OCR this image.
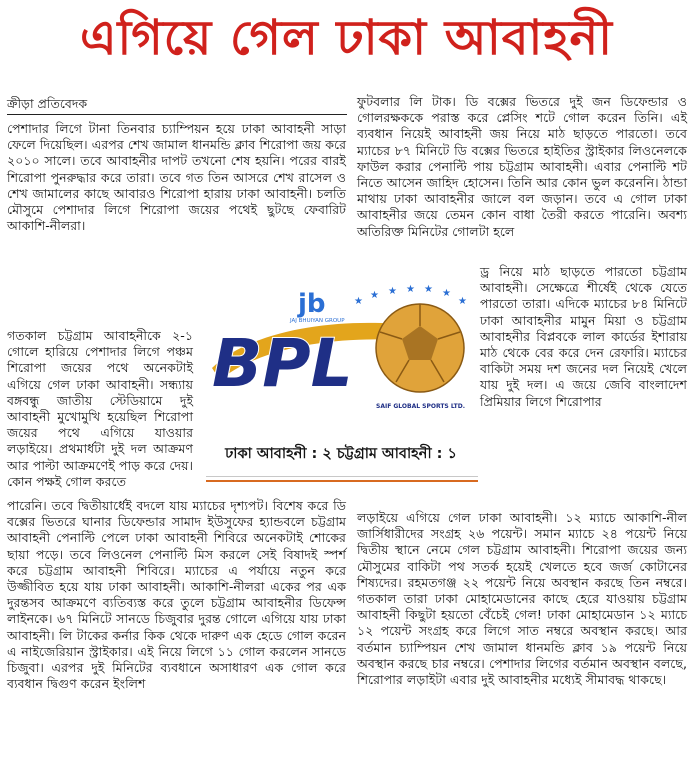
এগিয়ে গেল ঢাকা আবাহনী
ক্রীড়া প্রতিবেদক

পেশাদার লিগে টানা তিনবার চ্যাম্পিয়ন হয়ে ঢাকা আবাহনী সাড়া ফেলে দিয়েছিল। এরপর শেখ জামাল ধানমন্ডি ক্লাব শিরোপা জয় করে ২০১০ সালে। তবে আবাহনীর দাপট তখনো শেষ হয়নি। পরের বারই শিরোপা পুনরুদ্ধার করে তারা। তবে গত তিন আসরে শেখ রাসেল ও শেখ জামালের কাছে আবারও শিরোপা হারায় ঢাকা আবাহনী। চলতি মৌসুমে পেশাদার লিগে শিরোপা জয়ের পথেই ছুটছে ফেবারিট আকাশি-নীলরা।

গতকাল চট্টগ্রাম আবাহনীকে ২-১ গোলে হারিয়ে পেশাদার লিগে পঞ্চম শিরোপা জয়ের পথে অনেকটাই এগিয়ে গেল ঢাকা আবাহনী। সন্ধ্যায় বঙ্গবন্ধু জাতীয় স্টেডিয়ামে দুই আবাহনী মুখোমুখি হয়েছিল শিরোপা জয়ের পথে এগিয়ে যাওয়ার লড়াইয়ে। প্রথমার্ধটা দুই দল আক্রমণ আর পাল্টা আক্রমণেই পাড় করে দেয়। কোন পক্ষই গোল করতে

পারেনি। তবে দ্বিতীয়ার্ধেই বদলে যায় ম্যাচের দৃশ্যপট। বিশেষ করে ডি বক্সের ভিতরে ঘানার ডিফেন্ডার সামাদ ইউসুফের হ্যান্ডবলে চট্টগ্রাম আবাহনী পেনাল্টি পেলে ঢাকা আবাহনী শিবিরে অনেকটাই শোকের ছায়া পড়ে। তবে লিওনেল পেনাল্টি মিস করলে সেই বিষাদই স্পর্শ করে চট্টগ্রাম আবাহনী শিবিরে। ম্যাচের এ পর্যায়ে নতুন করে উজ্জীবিত হয়ে যায় ঢাকা আবাহনী। আকাশি-নীলরা একের পর এক দুরন্তসব আক্রমণে ব্যতিব্যস্ত করে তুলে চট্টগ্রাম আবাহনীর ডিফেন্স লাইনকে। ৬৭ মিনিটে সানডে চিজুবার দুরন্ত গোলে এগিয়ে যায় ঢাকা আবাহনী। লি টাকের কর্নার কিক থেকে দারুণ এক হেডে গোল করেন এ নাইজেরিয়ান স্ট্রাইকার। এই নিয়ে লিগে ১১ গোল করলেন সানডে চিজুবা। এরপর দুই মিনিটের ব্যবধানে অসাধারণ এক গোল করে ব্যবধান দ্বিগুণ করেন ইংলিশ

ফুটবলার লি টাক। ডি বক্সের ভিতরে দুই জন ডিফেন্ডার ও গোলরক্ষককে পরাস্ত করে প্লেসিং শটে গোল করেন তিনি। এই ব্যবধান নিয়েই আবাহনী জয় নিয়ে মাঠ ছাড়তে পারতো। তবে ম্যাচের ৮৭ মিনিটে ডি বক্সের ভিতরে হাইতির স্ট্রাইকার লিওনেলকে ফাউল করার পেনাল্টি পায় চট্টগ্রাম আবাহনী। এবার পেনাল্টি শট নিতে আসেন জাহিদ হোসেন। তিনি আর কোন ভুল করেননি। ঠান্ডা মাথায় ঢাকা আবাহনীর জালে বল জড়ান। তবে এ গোল ঢাকা আবাহনীর জয়ে তেমন কোন বাধা তৈরী করতে পারেনি। অবশ্য অতিরিক্ত মিনিটের গোলটা হলে

ড্র নিয়ে মাঠ ছাড়তে পারতো চট্টগ্রাম আবাহনী। সেক্ষেত্রে শীর্ষেই থেকে যেতে পারতো তারা। এদিকে ম্যাচের ৮৪ মিনিটে ঢাকা আবাহনীর মামুন মিয়া ও চট্টগ্রাম আবাহনীর বিপ্লবকে লাল কার্ডের ইশারায় মাঠ থেকে বের করে দেন রেফারি। ম্যাচের বাকিটা সময় দশ জনের দল নিয়েই খেলে যায় দুই দল। এ জয়ে জেবি বাংলাদেশ প্রিমিয়ার লিগে শিরোপার

লড়াইয়ে এগিয়ে গেল ঢাকা আবাহনী। ১২ ম্যাচে আকাশি-নীল জার্সিধারীদের সংগ্রহ ২৬ পয়েন্ট। সমান ম্যাচে ২৪ পয়েন্ট নিয়ে দ্বিতীয় স্থানে নেমে গেল চট্টগ্রাম আবাহনী। শিরোপা জয়ের জন্য মৌসুমের বাকিটা পথ সতর্ক হয়েই খেলতে হবে জর্জ কোটানের শিষ্যদের। রহমতগঞ্জ ২২ পয়েন্ট নিয়ে অবস্থান করছে তিন নম্বরে। গতকাল তারা ঢাকা মোহামেডানের কাছে হেরে যাওয়ায় চট্টগ্রাম আবাহনী কিছুটা হয়তো বেঁচেই গেল! ঢাকা মোহামেডান ১২ ম্যাচে ১২ পয়েন্ট সংগ্রহ করে লিগে সাত নম্বরে অবস্থান করছে। আর বর্তমান চ্যাম্পিয়ন শেখ জামাল ধানমন্ডি ক্লাব ১৯ পয়েন্ট নিয়ে অবস্থান করছে চার নম্বরে। পেশাদার লিগের বর্তমান অবস্থান বলছে, শিরোপার লড়াইটা এবার দুই আবাহনীর মধ্যেই সীমাবদ্ধ থাকছে।

★
★ ★ ★ ★ ★
★
jb
JAJ BHUIYAN GROUP
BPL
SAIF GLOBAL SPORTS LTD.
ঢাকা আবাহনী : ২ চট্টগ্রাম আবাহনী : ১
